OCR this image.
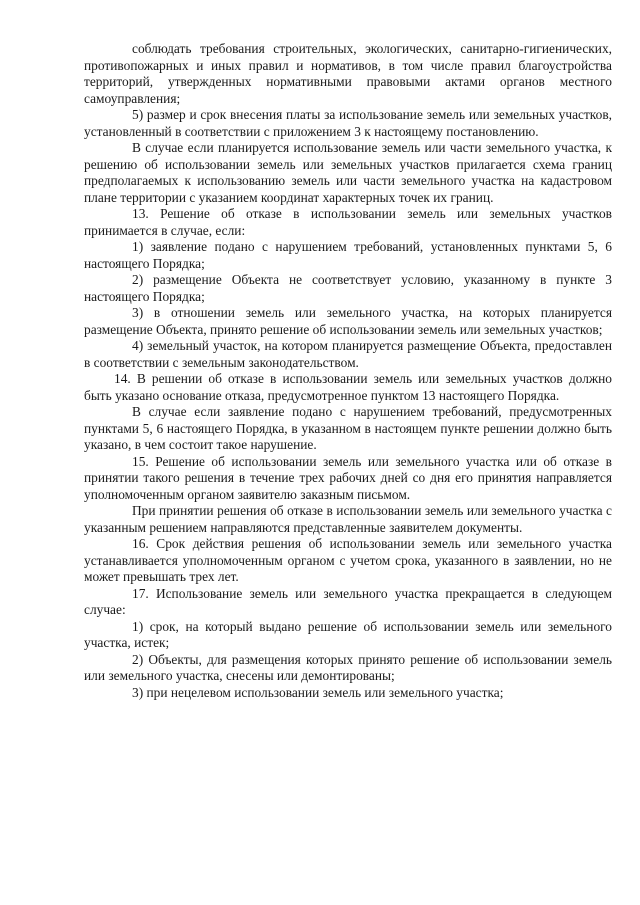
соблюдать требования строительных, экологических, санитарно-гигиенических, противопожарных и иных правил и нормативов, в том числе правил благоустройства территорий, утвержденных нормативными правовыми актами органов местного самоуправления;

5) размер и срок внесения платы за использование земель или земельных участков, установленный в соответствии с приложением 3 к настоящему постановлению.

В случае если планируется использование земель или части земельного участка, к решению об использовании земель или земельных участков прилагается схема границ предполагаемых к использованию земель или части земельного участка на кадастровом плане территории с указанием координат характерных точек их границ.

13. Решение об отказе в использовании земель или земельных участков принимается в случае, если:

1) заявление подано с нарушением требований, установленных пунктами 5, 6 настоящего Порядка;

2) размещение Объекта не соответствует условию, указанному в пункте 3 настоящего Порядка;

3) в отношении земель или земельного участка, на которых планируется размещение Объекта, принято решение об использовании земель или земельных участков;

4) земельный участок, на котором планируется размещение Объекта, предоставлен в соответствии с земельным законодательством.

14. В решении об отказе в использовании земель или земельных участков должно быть указано основание отказа, предусмотренное пунктом 13 настоящего Порядка.

В случае если заявление подано с нарушением требований, предусмотренных пунктами 5, 6 настоящего Порядка, в указанном в настоящем пункте решении должно быть указано, в чем состоит такое нарушение.

15. Решение об использовании земель или земельного участка или об отказе в принятии такого решения в течение трех рабочих дней со дня его принятия направляется уполномоченным органом заявителю заказным письмом.

При принятии решения об отказе в использовании земель или земельного участка с указанным решением направляются представленные заявителем документы.

16. Срок действия решения об использовании земель или земельного участка устанавливается уполномоченным органом с учетом срока, указанного в заявлении, но не может превышать трех лет.

17. Использование земель или земельного участка прекращается в следующем случае:

1) срок, на который выдано решение об использовании земель или земельного участка, истек;

2) Объекты, для размещения которых принято решение об использовании земель или земельного участка, снесены или демонтированы;

3) при нецелевом использовании земель или земельного участка;
